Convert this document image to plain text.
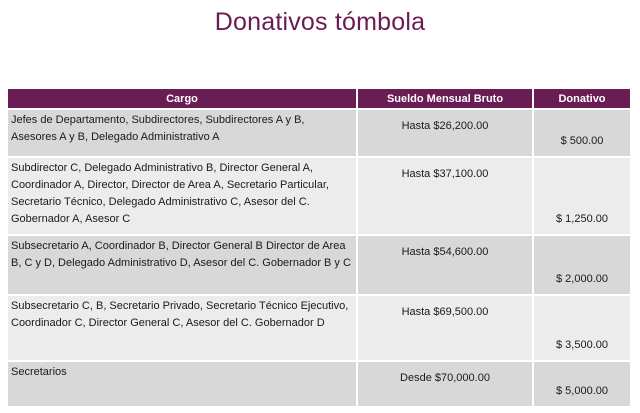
Donativos tómbola
Cargo	Sueldo Mensual Bruto	Donativo
Jefes de Departamento, Subdirectores, Subdirectores A y B, Asesores A y B, Delegado Administrativo A	Hasta $26,200.00	$ 500.00
Subdirector C, Delegado Administrativo B, Director General A, Coordinador A, Director, Director de Area A, Secretario Particular, Secretario Técnico, Delegado Administrativo C, Asesor del C. Gobernador A, Asesor C	Hasta $37,100.00	$ 1,250.00
Subsecretario A, Coordinador B, Director General B Director de Area B, C y D, Delegado Administrativo D, Asesor del C. Gobernador B y C	Hasta $54,600.00	$ 2,000.00
Subsecretario C, B, Secretario Privado, Secretario Técnico Ejecutivo, Coordinador C, Director General C, Asesor del C. Gobernador D	Hasta $69,500.00	$ 3,500.00
Secretarios	Desde $70,000.00	$ 5,000.00
